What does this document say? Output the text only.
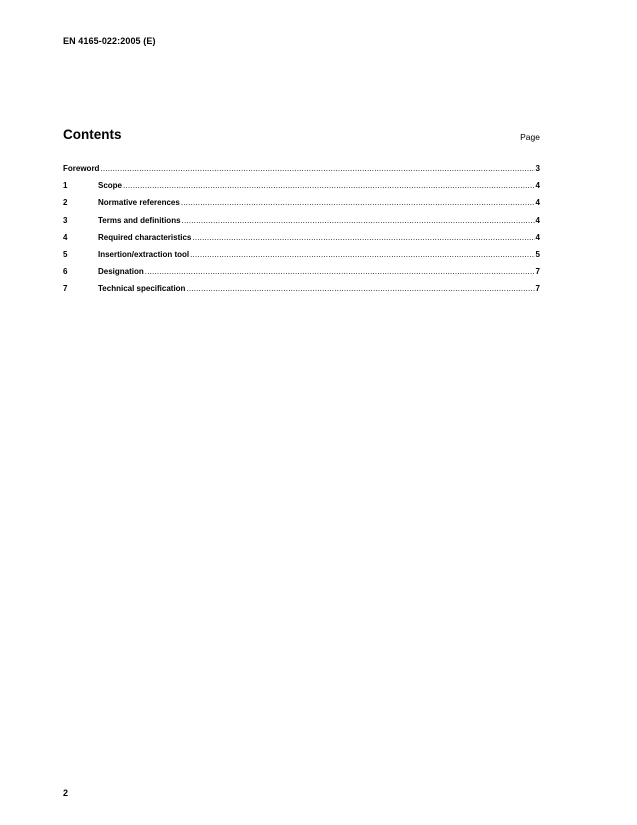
EN 4165-022:2005 (E)
Contents	Page
Foreword .....	3
1	Scope .....	4
2	Normative references .....	4
3	Terms and definitions .....	4
4	Required characteristics .....	4
5	Insertion/extraction tool .....	5
6	Designation .....	7
7	Technical specification .....	7
2
